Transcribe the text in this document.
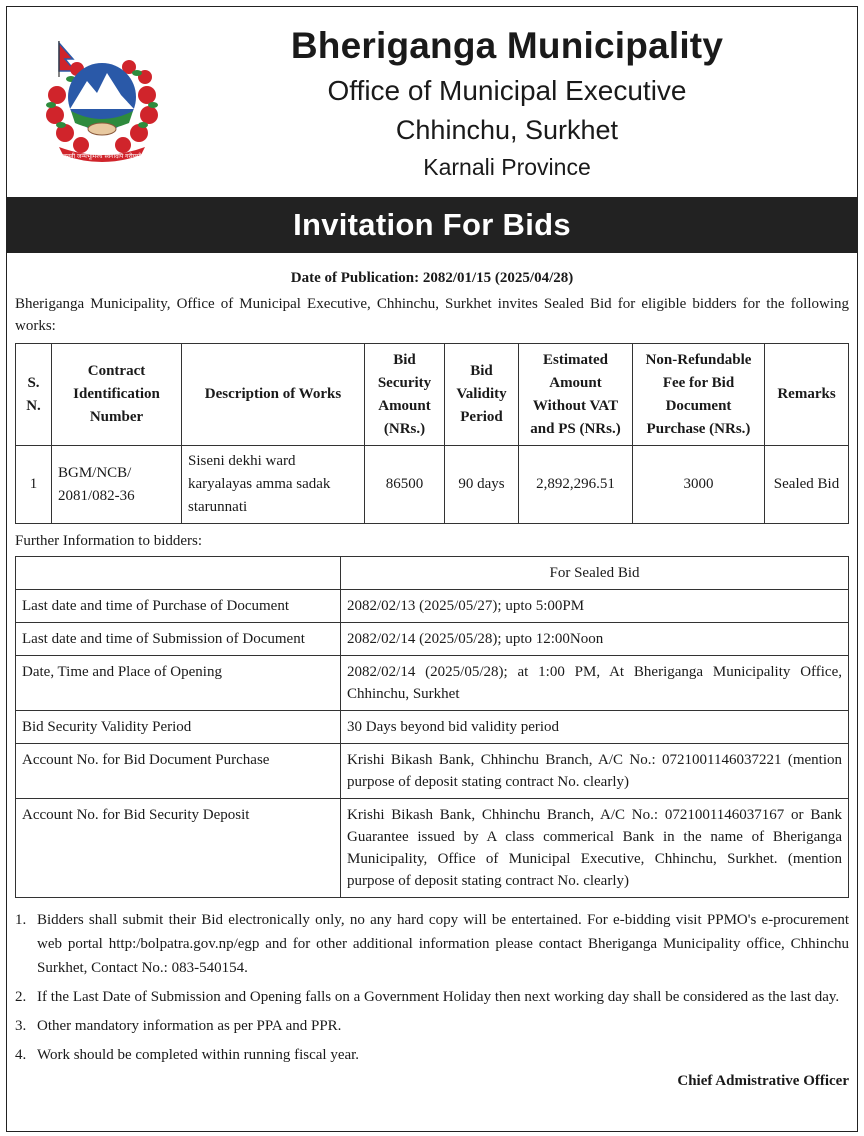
जननी जन्मभूमिश्च स्वर्गादपि गरीयसी
Bheriganga Municipality
Office of Municipal Executive
Chhinchu, Surkhet
Karnali Province
Invitation For Bids
Date of Publication: 2082/01/15 (2025/04/28)
Bheriganga Municipality, Office of Municipal Executive, Chhinchu, Surkhet invites Sealed Bid for eligible bidders for the following works:
S. N.	Contract Identification Number	Description of Works	Bid Security Amount (NRs.)	Bid Validity Period	Estimated Amount Without VAT and PS (NRs.)	Non-Refundable Fee for Bid Document Purchase (NRs.)	Remarks
1	BGM/NCB/ 2081/082-36	Siseni dekhi ward karyalayas amma sadak starunnati	86500	90 days	2,892,296.51	3000	Sealed Bid
Further Information to bidders:
	For Sealed Bid
Last date and time of Purchase of Document	2082/02/13 (2025/05/27); upto 5:00PM
Last date and time of Submission of Document	2082/02/14 (2025/05/28); upto 12:00Noon
Date, Time and Place of Opening	2082/02/14 (2025/05/28); at 1:00 PM, At Bheriganga Municipality Office, Chhinchu, Surkhet
Bid Security Validity Period	30 Days beyond bid validity period
Account No. for Bid Document Purchase	Krishi Bikash Bank, Chhinchu Branch, A/C No.: 0721001146037221 (mention purpose of deposit stating contract No. clearly)
Account No. for Bid Security Deposit	Krishi Bikash Bank, Chhinchu Branch, A/C No.: 0721001146037167 or Bank Guarantee issued by A class commerical Bank in the name of Bheriganga Municipality, Office of Municipal Executive, Chhinchu, Surkhet. (mention purpose of deposit stating contract No. clearly)
1. Bidders shall submit their Bid electronically only, no any hard copy will be entertained. For e-bidding visit PPMO's e-procurement web portal http:/bolpatra.gov.np/egp and for other additional information please contact Bheriganga Municipality office, Chhinchu Surkhet, Contact No.: 083-540154.
2. If the Last Date of Submission and Opening falls on a Government Holiday then next working day shall be considered as the last day.
3. Other mandatory information as per PPA and PPR.
4. Work should be completed within running fiscal year.
Chief Admistrative Officer
